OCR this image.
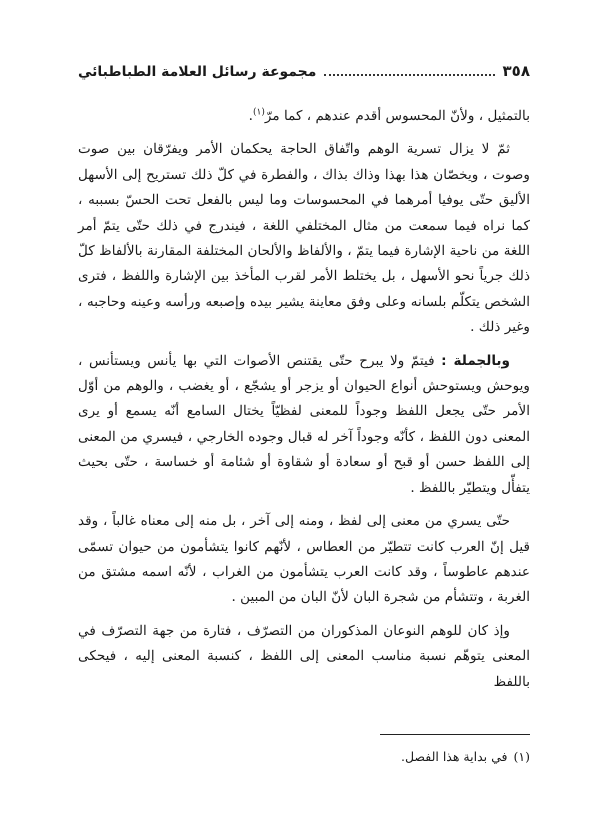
٣٥٨
مجموعة رسائل العلامة الطباطبائي

بالتمثيل ، ولأنّ المحسوس أقدم عندهم ، كما مرّ$^{(١)}$.

ثمّ لا يزال تسرية الوهم واتّفاق الحاجة يحكمان الأمر ويفرّقان بين صوت وصوت ، ويخصّان هذا بهذا وذاك بذاك ، والفطرة في كلّ ذلك تستريح إلى الأسهل الأليق حتّى يوفيا أمرهما في المحسوسات وما ليس بالفعل تحت الحسّ بسببه ، كما نراه فيما سمعت من مثال المختلفي اللغة ، فيندرج في ذلك حتّى يتمّ أمر اللغة من ناحية الإشارة فيما يتمّ ، والألفاظ والألحان المختلفة المقارنة بالألفاظ كلّ ذلك جرياً نحو الأسهل ، بل يختلط الأمر لقرب المأخذ بين الإشارة واللفظ ، فترى الشخص يتكلّم بلسانه وعلى وفق معاينة يشير بيده وإصبعه ورأسه وعينه وحاجبه ، وغير ذلك .

وبالجملة : فيتمّ ولا يبرح حتّى يقتنص الأصوات التي بها يأنس ويستأنس ، ويوحش ويستوحش أنواع الحيوان أو يزجر أو يشجّع ، أو يغضب ، والوهم من أوّل الأمر حتّى يجعل اللفظ وجوداً للمعنى لفظيّاً يختال السامع أنّه يسمع أو يرى المعنى دون اللفظ ، كأنّه وجوداً آخر له قبال وجوده الخارجي ، فيسري من المعنى إلى اللفظ حسن أو قبح أو سعادة أو شقاوة أو شئامة أو خساسة ، حتّى بحيث يتفأّل ويتطيّر باللفظ .

حتّى يسري من معنى إلى لفظ ، ومنه إلى آخر ، بل منه إلى معناه غالباً ، وقد قيل إنّ العرب كانت تتطيّر من العطاس ، لأنّهم كانوا يتشأمون من حيوان تسمّى عندهم عاطوساً ، وقد كانت العرب يتشأمون من الغراب ، لأنّه اسمه مشتق من الغربة ، وتتشأم من شجرة البان لأنّ البان من المبين .

وإذ كان للوهم النوعان المذكوران من التصرّف ، فتارة من جهة التصرّف في المعنى يتوهّم نسبة مناسب المعنى إلى اللفظ ، كنسبة المعنى إليه ، فيحكى باللفظ

(١)في بداية هذا الفصل.
